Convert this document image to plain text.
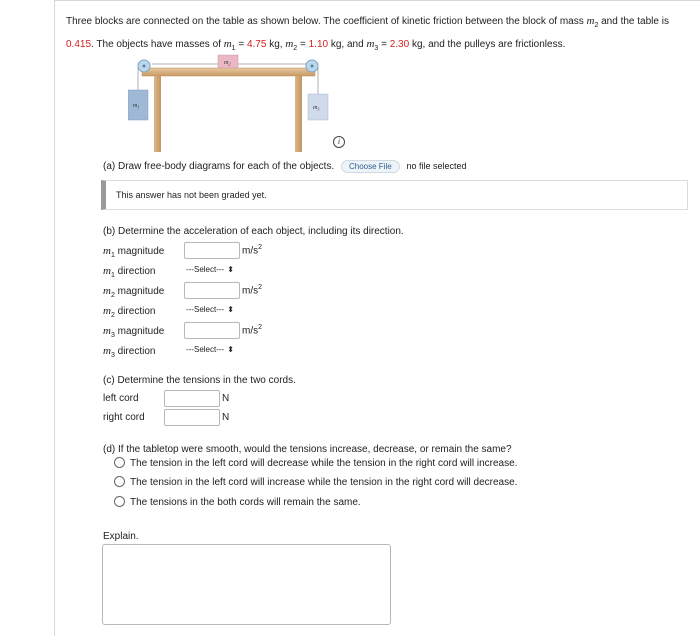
Three blocks are connected on the table as shown below. The coefficient of kinetic friction between the block of mass $m_2$ and the table is 0.415. The objects have masses of $m_1 = 4.75$ kg, $m_2 = 1.10$ kg, and $m_3 = 2.30$ kg, and the pulleys are frictionless.
$m_2$
$m_1$	$m_3$
i
(a) Draw free-body diagrams for each of the objects. Choose File no file selected
This answer has not been graded yet.
(b) Determine the acceleration of each object, including its direction.
$m_1$ magnitude	$m/s^2$
$m_1$ direction	---Select--- ⬍
$m_2$ magnitude	$m/s^2$
$m_2$ direction	---Select--- ⬍
$m_3$ magnitude	$m/s^2$
$m_3$ direction	---Select--- ⬍
(c) Determine the tensions in the two cords.
left cord	N
right cord	N
(d) If the tabletop were smooth, would the tensions increase, decrease, or remain the same?
The tension in the left cord will decrease while the tension in the right cord will increase.
The tension in the left cord will increase while the tension in the right cord will decrease.
The tensions in the both cords will remain the same.
Explain.
